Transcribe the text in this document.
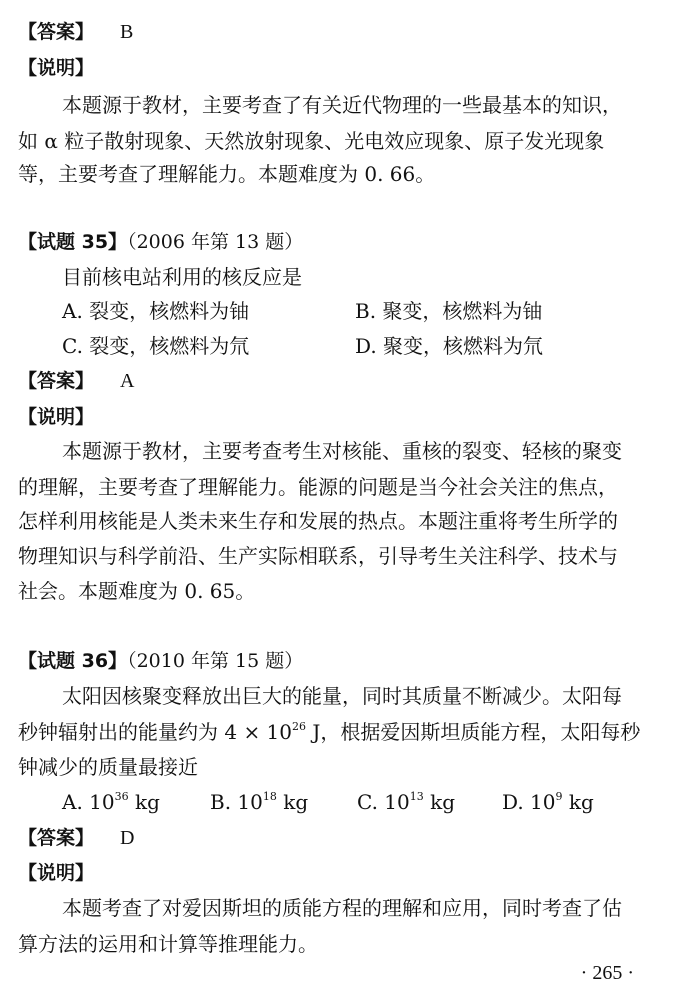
【答案】 B
【说明】
本题源于教材，主要考查了有关近代物理的一些最基本的知识，
如 α 粒子散射现象、天然放射现象、光电效应现象、原子发光现象
等，主要考查了理解能力。本题难度为 0. 66。
【试题 35】（2006 年第 13 题）
目前核电站利用的核反应是
A. 裂变，核燃料为铀	B. 聚变，核燃料为铀
C. 裂变，核燃料为氘	D. 聚变，核燃料为氘
【答案】 A
【说明】
本题源于教材，主要考查考生对核能、重核的裂变、轻核的聚变
的理解，主要考查了理解能力。能源的问题是当今社会关注的焦点，
怎样利用核能是人类未来生存和发展的热点。本题注重将考生所学的
物理知识与科学前沿、生产实际相联系，引导考生关注科学、技术与
社会。本题难度为 0. 65。
【试题 36】（2010 年第 15 题）
太阳因核聚变释放出巨大的能量，同时其质量不断减少。太阳每
秒钟辐射出的能量约为 $4 \times 10^{26}$ J，根据爱因斯坦质能方程，太阳每秒
钟减少的质量最接近
A. $10^{36}$ kg	B. $10^{18}$ kg C. $10^{13}$ kg D. $10^9$ kg
【答案】 D
【说明】
本题考查了对爱因斯坦的质能方程的理解和应用，同时考查了估
算方法的运用和计算等推理能力。
· 265 ·
